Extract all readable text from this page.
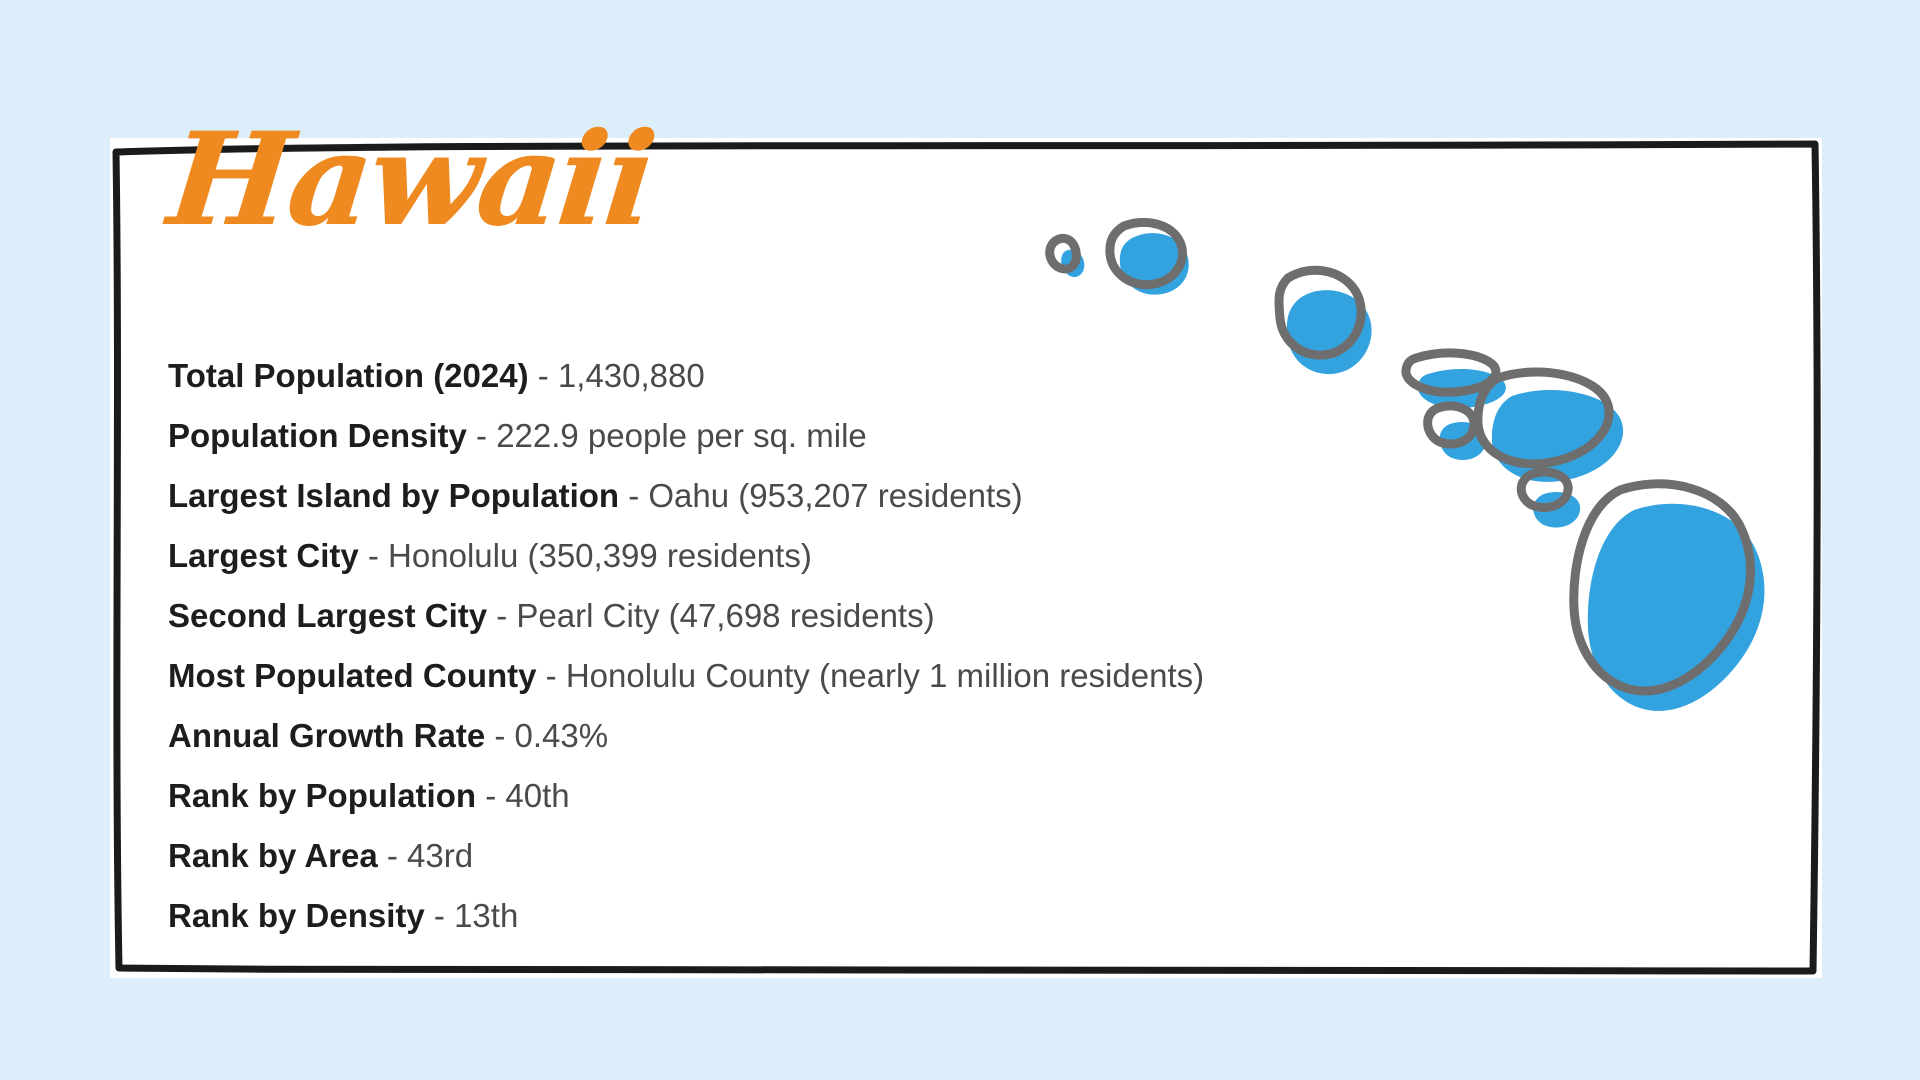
Hawaii
Total Population (2024) - 1,430,880
Population Density - 222.9 people per sq. mile
Largest Island by Population - Oahu (953,207 residents)
Largest City - Honolulu (350,399 residents)
Second Largest City - Pearl City (47,698 residents)
Most Populated County - Honolulu County (nearly 1 million residents)
Annual Growth Rate - 0.43%
Rank by Population - 40th
Rank by Area - 43rd
Rank by Density - 13th
